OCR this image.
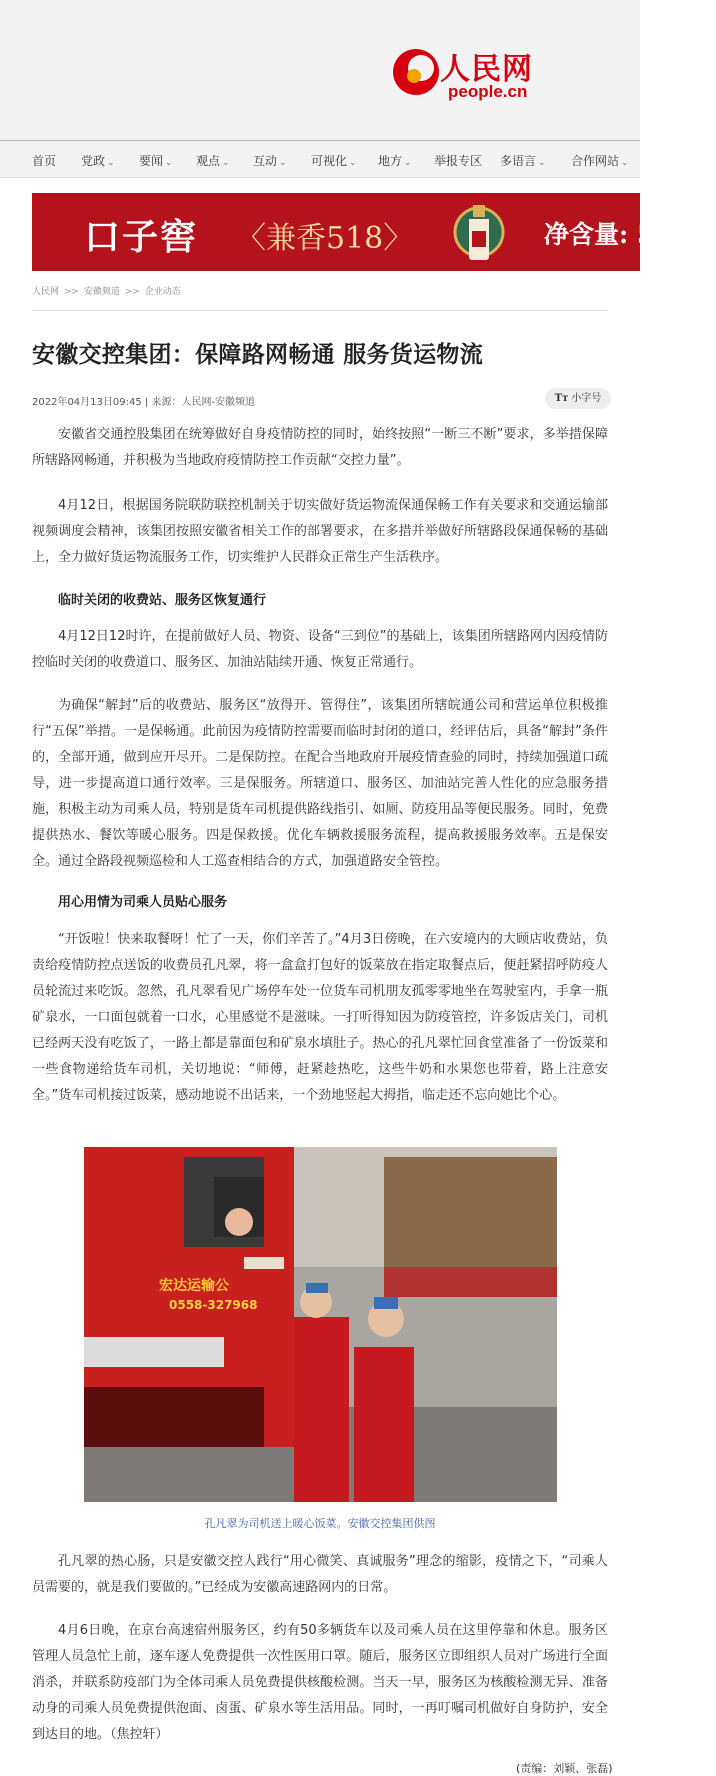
人民网
people.cn
首页 党政 ⌄ 要闻 ⌄ 观点 ⌄ 互动 ⌄ 可视化 ⌄ 地方 ⌄ 举报专区 多语言 ⌄ 合作网站 ⌄
口子窖 〈兼香518〉	净含量: 518m
人民网 >> 安徽频道 >> 企业动态
安徽交控集团：保障路网畅通 服务货运物流
2022年04月13日09:45 | 来源：人民网-安徽频道	Tт 小字号

安徽省交通控股集团在统筹做好自身疫情防控的同时，始终按照“一断三不断”要求，多举措保障所辖路网畅通，并积极为当地政府疫情防控工作贡献“交控力量”。

4月12日，根据国务院联防联控机制关于切实做好货运物流保通保畅工作有关要求和交通运输部视频调度会精神，该集团按照安徽省相关工作的部署要求，在多措并举做好所辖路段保通保畅的基础上，全力做好货运物流服务工作，切实维护人民群众正常生产生活秩序。

临时关闭的收费站、服务区恢复通行

4月12日12时许，在提前做好人员、物资、设备“三到位”的基础上，该集团所辖路网内因疫情防控临时关闭的收费道口、服务区、加油站陆续开通、恢复正常通行。

为确保“解封”后的收费站、服务区“放得开、管得住”，该集团所辖皖通公司和营运单位积极推行“五保”举措。一是保畅通。此前因为疫情防控需要而临时封闭的道口，经评估后，具备“解封”条件的，全部开通，做到应开尽开。二是保防控。在配合当地政府开展疫情查验的同时，持续加强道口疏导，进一步提高道口通行效率。三是保服务。所辖道口、服务区、加油站完善人性化的应急服务措施，积极主动为司乘人员，特别是货车司机提供路线指引、如厕、防疫用品等便民服务。同时，免费提供热水、餐饮等暖心服务。四是保救援。优化车辆救援服务流程，提高救援服务效率。五是保安全。通过全路段视频巡检和人工巡查相结合的方式，加强道路安全管控。

用心用情为司乘人员贴心服务

“开饭啦！快来取餐呀！忙了一天，你们辛苦了。”4月3日傍晚，在六安境内的大顾店收费站，负责给疫情防控点送饭的收费员孔凡翠，将一盒盒打包好的饭菜放在指定取餐点后，便赶紧招呼防疫人员轮流过来吃饭。忽然，孔凡翠看见广场停车处一位货车司机朋友孤零零地坐在驾驶室内，手拿一瓶矿泉水，一口面包就着一口水，心里感觉不是滋味。一打听得知因为防疫管控，许多饭店关门，司机已经两天没有吃饭了，一路上都是靠面包和矿泉水填肚子。热心的孔凡翠忙回食堂准备了一份饭菜和一些食物递给货车司机，关切地说：“师傅，赶紧趁热吃，这些牛奶和水果您也带着，路上注意安全。”货车司机接过饭菜，感动地说不出话来，一个劲地竖起大拇指，临走还不忘向她比个心。

宏达运输公
0558-327968
孔凡翠为司机送上暖心饭菜。安徽交控集团供图

孔凡翠的热心肠，只是安徽交控人践行“用心微笑、真诚服务”理念的缩影，疫情之下，“司乘人员需要的，就是我们要做的。”已经成为安徽高速路网内的日常。

4月6日晚，在京台高速宿州服务区，约有50多辆货车以及司乘人员在这里停靠和休息。服务区管理人员急忙上前，逐车逐人免费提供一次性医用口罩。随后，服务区立即组织人员对广场进行全面消杀，并联系防疫部门为全体司乘人员免费提供核酸检测。当天一早，服务区为核酸检测无异、准备动身的司乘人员免费提供泡面、卤蛋、矿泉水等生活用品。同时，一再叮嘱司机做好自身防护，安全到达目的地。（焦控轩）

(责编：刘颖、张磊)
